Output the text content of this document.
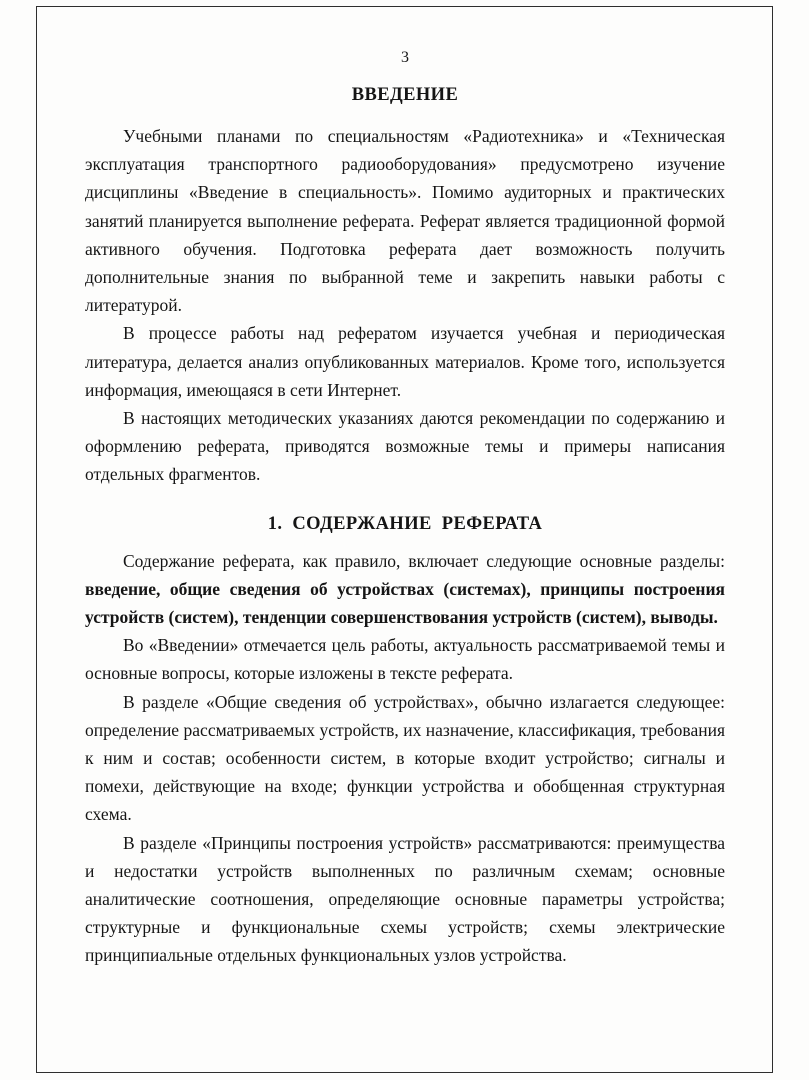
3
ВВЕДЕНИЕ

Учебными планами по специальностям «Радиотехника» и «Техническая эксплуатация транспортного радиооборудования» предусмотрено изучение дисциплины «Введение в специальность». Помимо аудиторных и практических занятий планируется выполнение реферата. Реферат является традиционной формой активного обучения. Подготовка реферата дает возможность получить дополнительные знания по выбранной теме и закрепить навыки работы с литературой.

В процессе работы над рефератом изучается учебная и периодическая литература, делается анализ опубликованных материалов. Кроме того, используется информация, имеющаяся в сети Интернет.

В настоящих методических указаниях даются рекомендации по содержанию и оформлению реферата, приводятся возможные темы и примеры написания отдельных фрагментов.

1. СОДЕРЖАНИЕ РЕФЕРАТА

Содержание реферата, как правило, включает следующие основные разделы: введение, общие сведения об устройствах (системах), принципы построения устройств (систем), тенденции совершенствования устройств (систем), выводы.

Во «Введении» отмечается цель работы, актуальность рассматриваемой темы и основные вопросы, которые изложены в тексте реферата.

В разделе «Общие сведения об устройствах», обычно излагается следующее: определение рассматриваемых устройств, их назначение, классификация, требования к ним и состав; особенности систем, в которые входит устройство; сигналы и помехи, действующие на входе; функции устройства и обобщенная структурная схема.

В разделе «Принципы построения устройств» рассматриваются: преимущества и недостатки устройств выполненных по различным схемам; основные аналитические соотношения, определяющие основные параметры устройства; структурные и функциональные схемы устройств; схемы электрические принципиальные отдельных функциональных узлов устройства.
